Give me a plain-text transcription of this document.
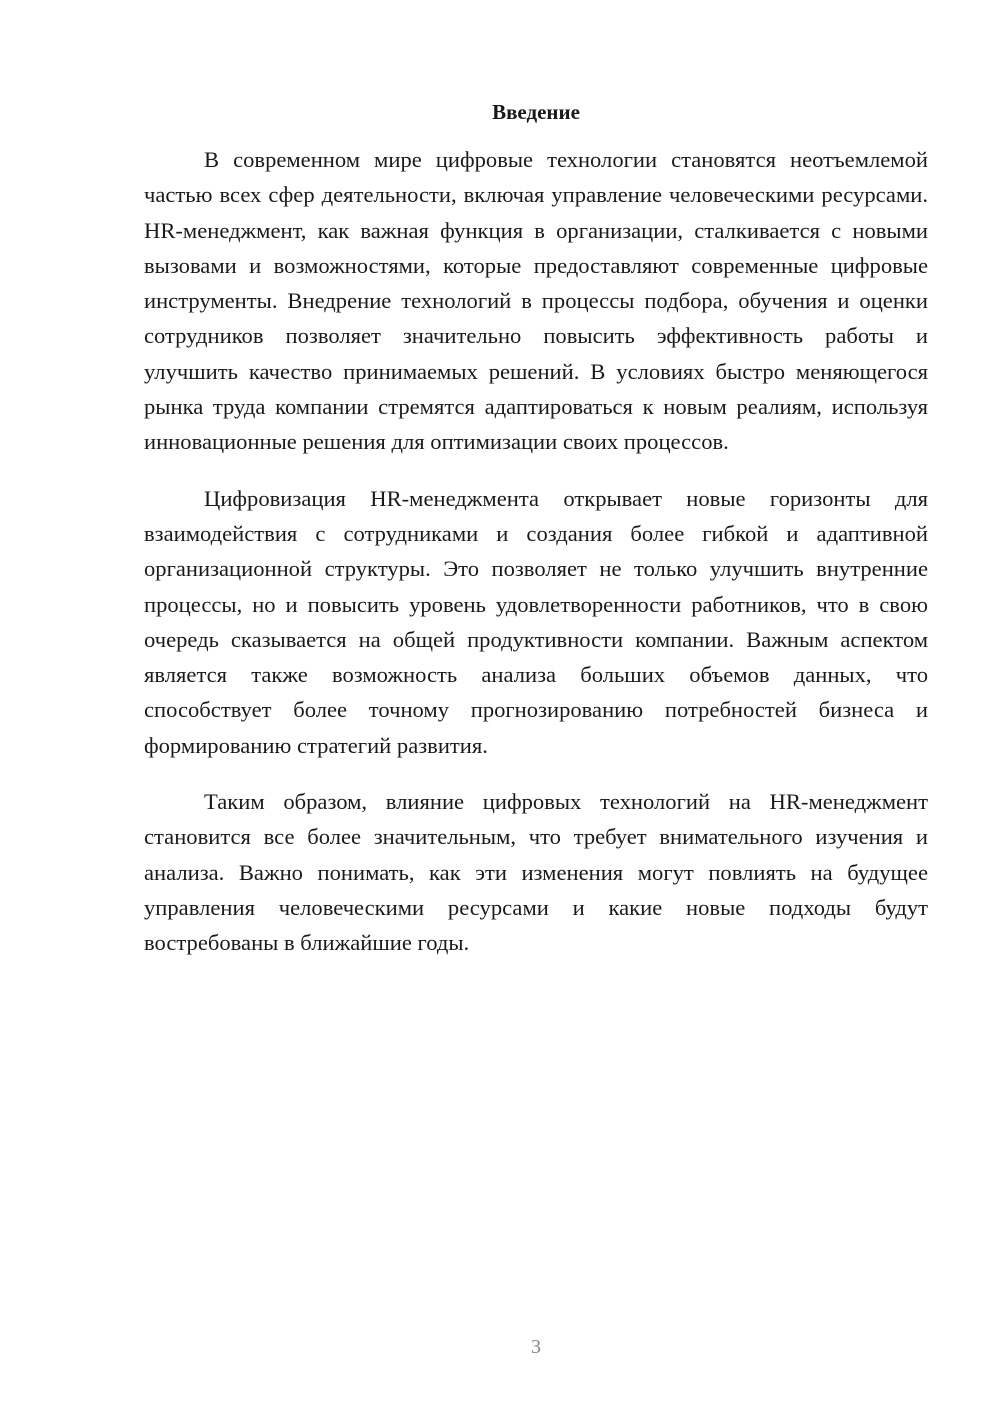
Введение

В современном мире цифровые технологии становятся неотъемлемой частью всех сфер деятельности, включая управление человеческими ресурсами. HR-менеджмент, как важная функция в организации, сталкивается с новыми вызовами и возможностями, которые предоставляют современные цифровые инструменты. Внедрение технологий в процессы подбора, обучения и оценки сотрудников позволяет значительно повысить эффективность работы и улучшить качество принимаемых решений. В условиях быстро меняющегося рынка труда компании стремятся адаптироваться к новым реалиям, используя инновационные решения для оптимизации своих процессов.

Цифровизация HR-менеджмента открывает новые горизонты для взаимодействия с сотрудниками и создания более гибкой и адаптивной организационной структуры. Это позволяет не только улучшить внутренние процессы, но и повысить уровень удовлетворенности работников, что в свою очередь сказывается на общей продуктивности компании. Важным аспектом является также возможность анализа больших объемов данных, что способствует более точному прогнозированию потребностей бизнеса и формированию стратегий развития.

Таким образом, влияние цифровых технологий на HR-менеджмент становится все более значительным, что требует внимательного изучения и анализа. Важно понимать, как эти изменения могут повлиять на будущее управления человеческими ресурсами и какие новые подходы будут востребованы в ближайшие годы.

3
